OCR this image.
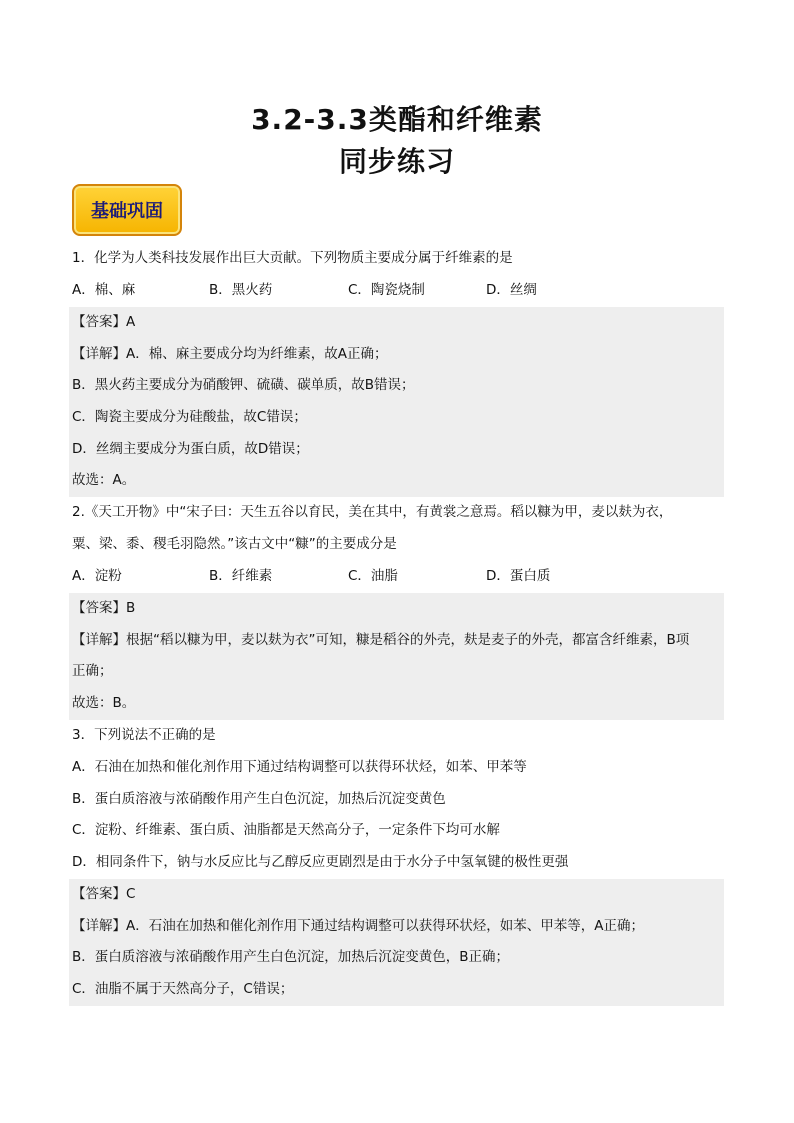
3.2-3.3类酯和纤维素
同步练习
基础巩固
1．化学为人类科技发展作出巨大贡献。下列物质主要成分属于纤维素的是
A．棉、麻	B．黑火药	C．陶瓷烧制	D．丝绸
【答案】A
【详解】A．棉、麻主要成分均为纤维素，故A正确；
B．黑火药主要成分为硝酸钾、硫磺、碳单质，故B错误；
C．陶瓷主要成分为硅酸盐，故C错误；
D．丝绸主要成分为蛋白质，故D错误；
故选：A。
2.《天工开物》中“宋子曰：天生五谷以育民，美在其中，有黄裳之意焉。稻以糠为甲，麦以麸为衣，
粟、梁、黍、稷毛羽隐然。”该古文中“糠”的主要成分是
A．淀粉	B．纤维素	C．油脂	D．蛋白质
【答案】B
【详解】根据“稻以糠为甲，麦以麸为衣”可知，糠是稻谷的外壳，麸是麦子的外壳，都富含纤维素，B项
正确；
故选：B。
3．下列说法不正确的是
A．石油在加热和催化剂作用下通过结构调整可以获得环状烃，如苯、甲苯等
B．蛋白质溶液与浓硝酸作用产生白色沉淀，加热后沉淀变黄色
C．淀粉、纤维素、蛋白质、油脂都是天然高分子，一定条件下均可水解
D．相同条件下，钠与水反应比与乙醇反应更剧烈是由于水分子中氢氧键的极性更强
【答案】C
【详解】A．石油在加热和催化剂作用下通过结构调整可以获得环状烃，如苯、甲苯等，A正确；
B．蛋白质溶液与浓硝酸作用产生白色沉淀，加热后沉淀变黄色，B正确；
C．油脂不属于天然高分子，C错误；
